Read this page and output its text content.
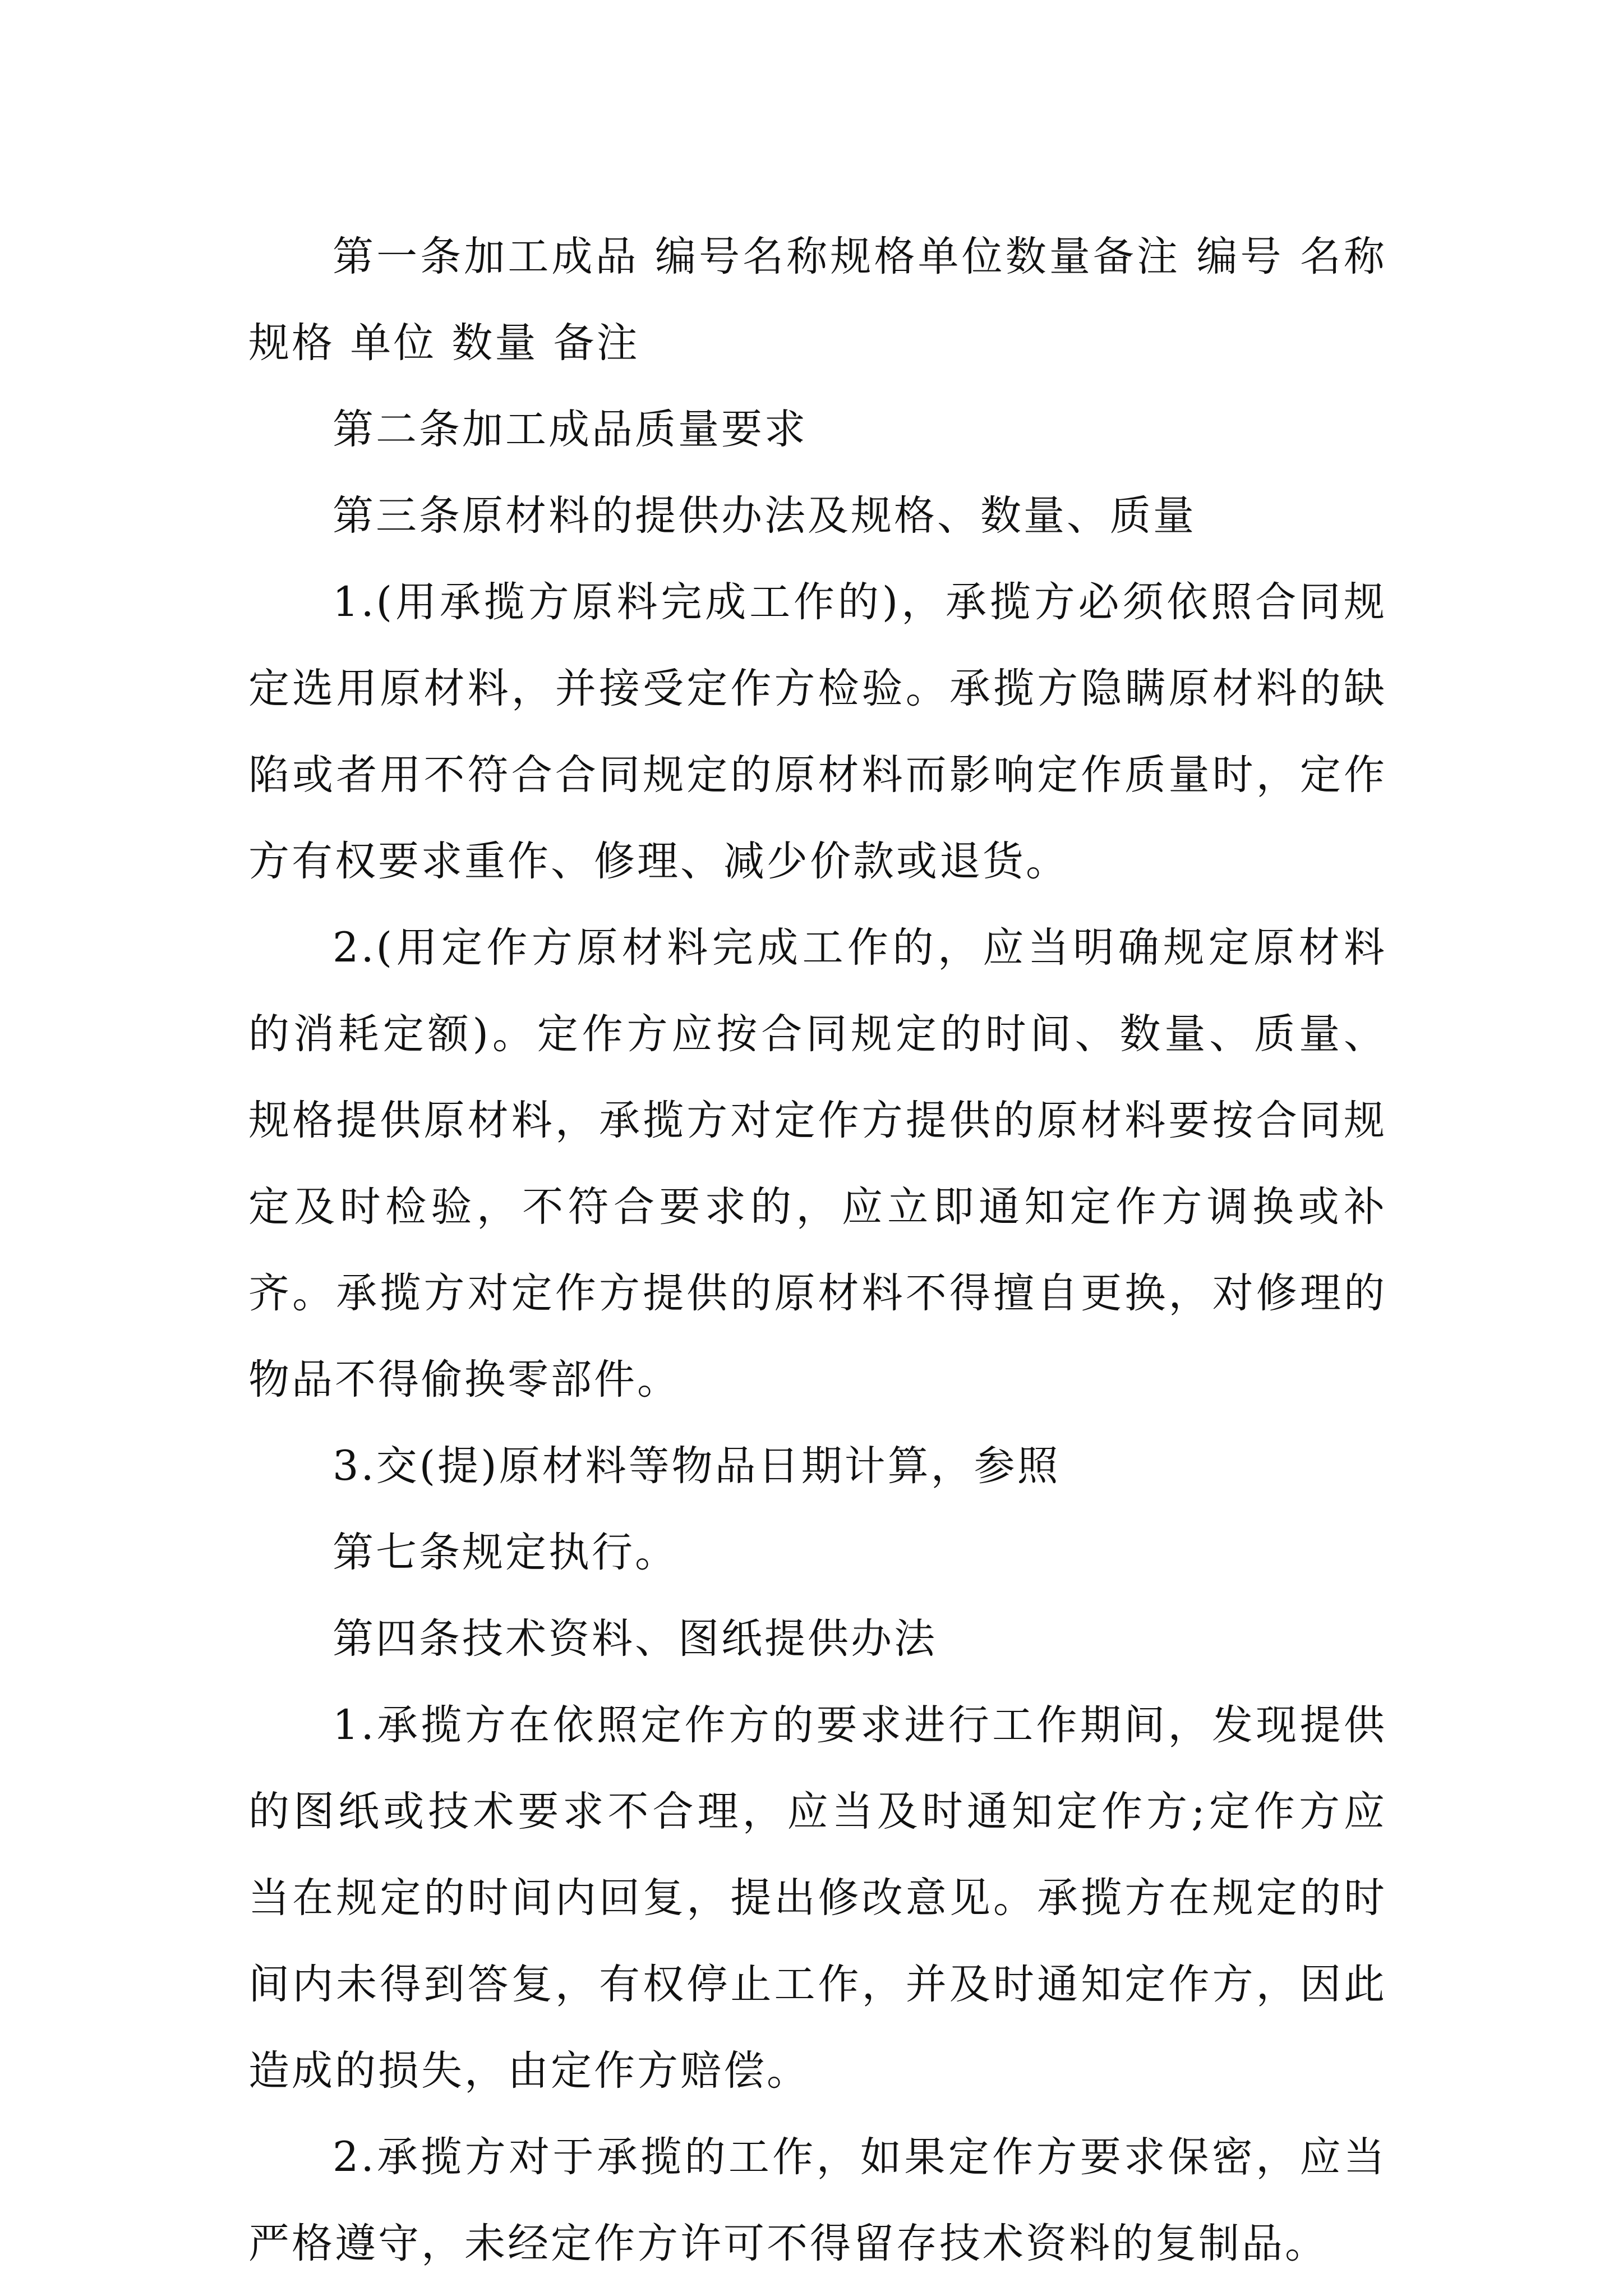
第一条加工成品 编号名称规格单位数量备注 编号 名称 规格 单位 数量 备注

第二条加工成品质量要求

第三条原材料的提供办法及规格、数量、质量

1.(用承揽方原料完成工作的)，承揽方必须依照合同规定选用原材料，并接受定作方检验。承揽方隐瞒原材料的缺陷或者用不符合合同规定的原材料而影响定作质量时，定作方有权要求重作、修理、减少价款或退货。

2.(用定作方原材料完成工作的，应当明确规定原材料的消耗定额)。定作方应按合同规定的时间、数量、质量、规格提供原材料，承揽方对定作方提供的原材料要按合同规定及时检验，不符合要求的，应立即通知定作方调换或补齐。承揽方对定作方提供的原材料不得擅自更换，对修理的物品不得偷换零部件。

3.交(提)原材料等物品日期计算，参照

第七条规定执行。

第四条技术资料、图纸提供办法

1.承揽方在依照定作方的要求进行工作期间，发现提供的图纸或技术要求不合理，应当及时通知定作方;定作方应当在规定的时间内回复，提出修改意见。承揽方在规定的时间内未得到答复，有权停止工作，并及时通知定作方，因此造成的损失，由定作方赔偿。

2.承揽方对于承揽的工作，如果定作方要求保密，应当严格遵守，未经定作方许可不得留存技术资料的复制品。
